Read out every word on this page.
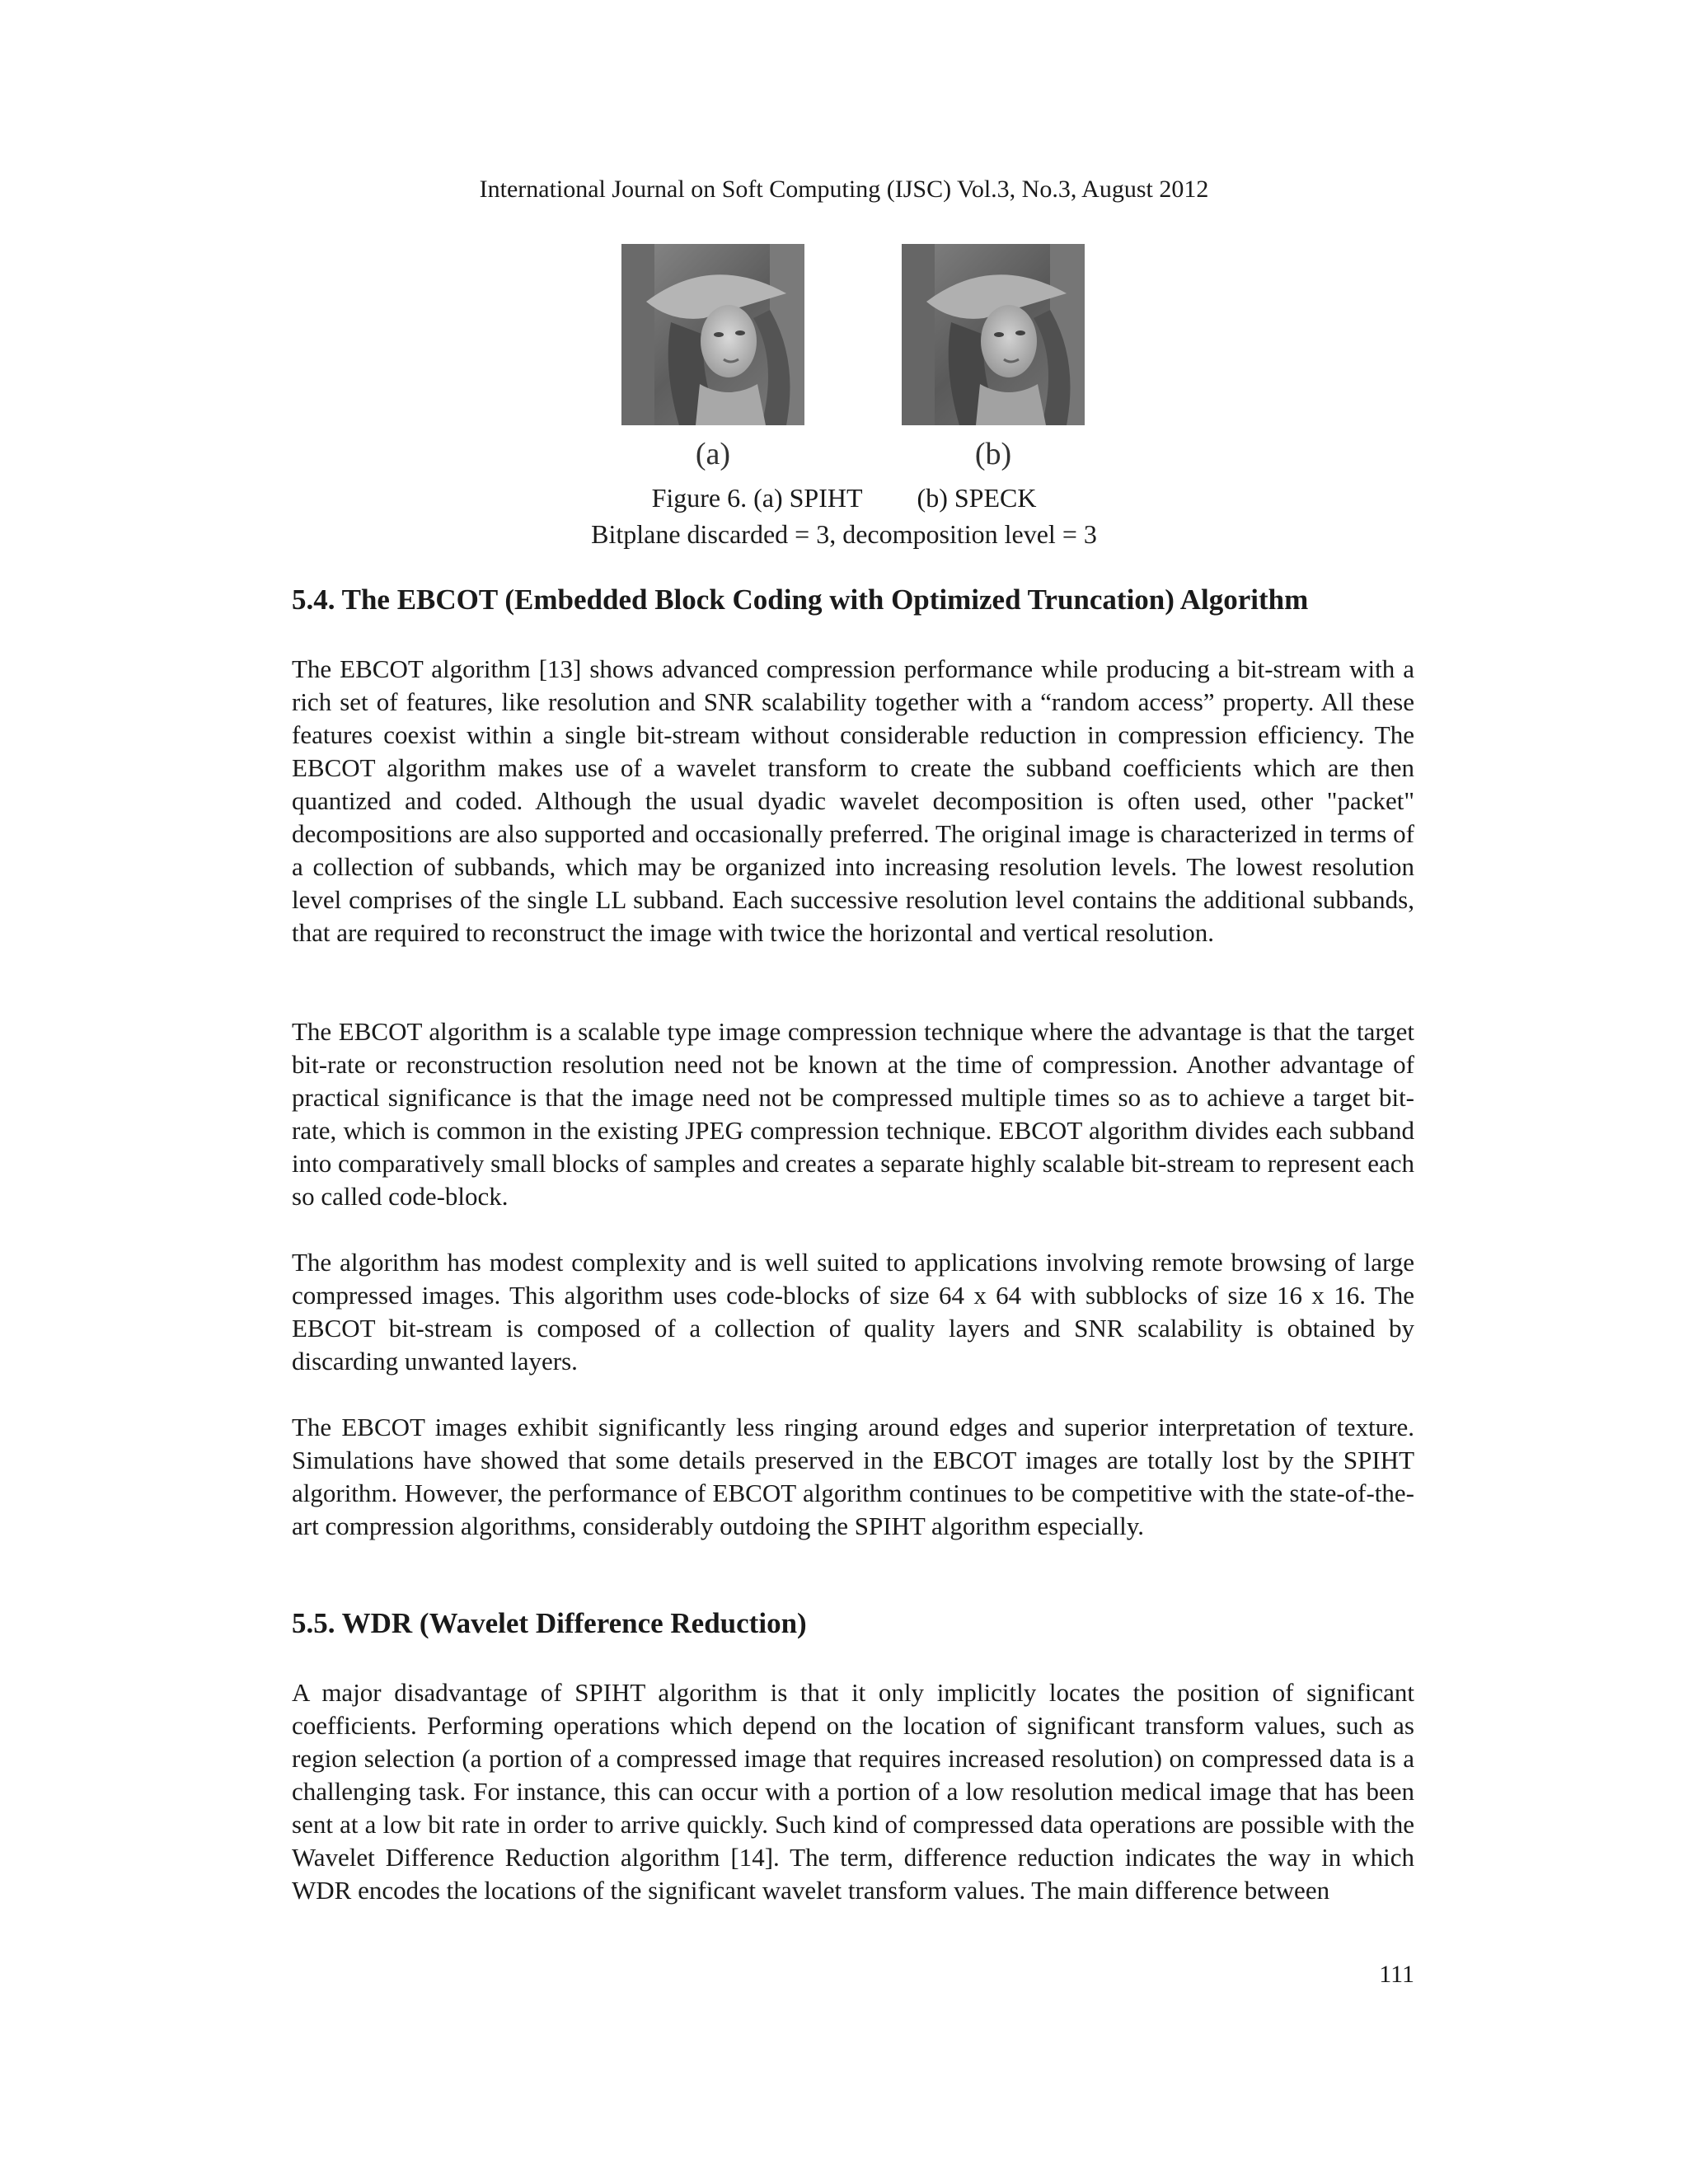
International Journal on Soft Computing (IJSC) Vol.3, No.3, August 2012
(a)	(b)
Figure 6. (a) SPIHT (b) SPECK
Bitplane discarded = 3, decomposition level = 3
5.4. The EBCOT (Embedded Block Coding with Optimized Truncation) Algorithm

The EBCOT algorithm [13] shows advanced compression performance while producing a bit-stream with a rich set of features, like resolution and SNR scalability together with a “random access” property. All these features coexist within a single bit-stream without considerable reduction in compression efficiency. The EBCOT algorithm makes use of a wavelet transform to create the subband coefficients which are then quantized and coded. Although the usual dyadic wavelet decomposition is often used, other "packet" decompositions are also supported and occasionally preferred. The original image is characterized in terms of a collection of subbands, which may be organized into increasing resolution levels. The lowest resolution level comprises of the single LL subband. Each successive resolution level contains the additional subbands, that are required to reconstruct the image with twice the horizontal and vertical resolution.

The EBCOT algorithm is a scalable type image compression technique where the advantage is that the target bit-rate or reconstruction resolution need not be known at the time of compression. Another advantage of practical significance is that the image need not be compressed multiple times so as to achieve a target bit-rate, which is common in the existing JPEG compression technique. EBCOT algorithm divides each subband into comparatively small blocks of samples and creates a separate highly scalable bit-stream to represent each so called code-block.

The algorithm has modest complexity and is well suited to applications involving remote browsing of large compressed images. This algorithm uses code-blocks of size 64 x 64 with subblocks of size 16 x 16. The EBCOT bit-stream is composed of a collection of quality layers and SNR scalability is obtained by discarding unwanted layers.

The EBCOT images exhibit significantly less ringing around edges and superior interpretation of texture. Simulations have showed that some details preserved in the EBCOT images are totally lost by the SPIHT algorithm. However, the performance of EBCOT algorithm continues to be competitive with the state-of-the-art compression algorithms, considerably outdoing the SPIHT algorithm especially.

5.5. WDR (Wavelet Difference Reduction)

A major disadvantage of SPIHT algorithm is that it only implicitly locates the position of significant coefficients. Performing operations which depend on the location of significant transform values, such as region selection (a portion of a compressed image that requires increased resolution) on compressed data is a challenging task. For instance, this can occur with a portion of a low resolution medical image that has been sent at a low bit rate in order to arrive quickly. Such kind of compressed data operations are possible with the Wavelet Difference Reduction algorithm [14]. The term, difference reduction indicates the way in which WDR encodes the locations of the significant wavelet transform values. The main difference between

111
